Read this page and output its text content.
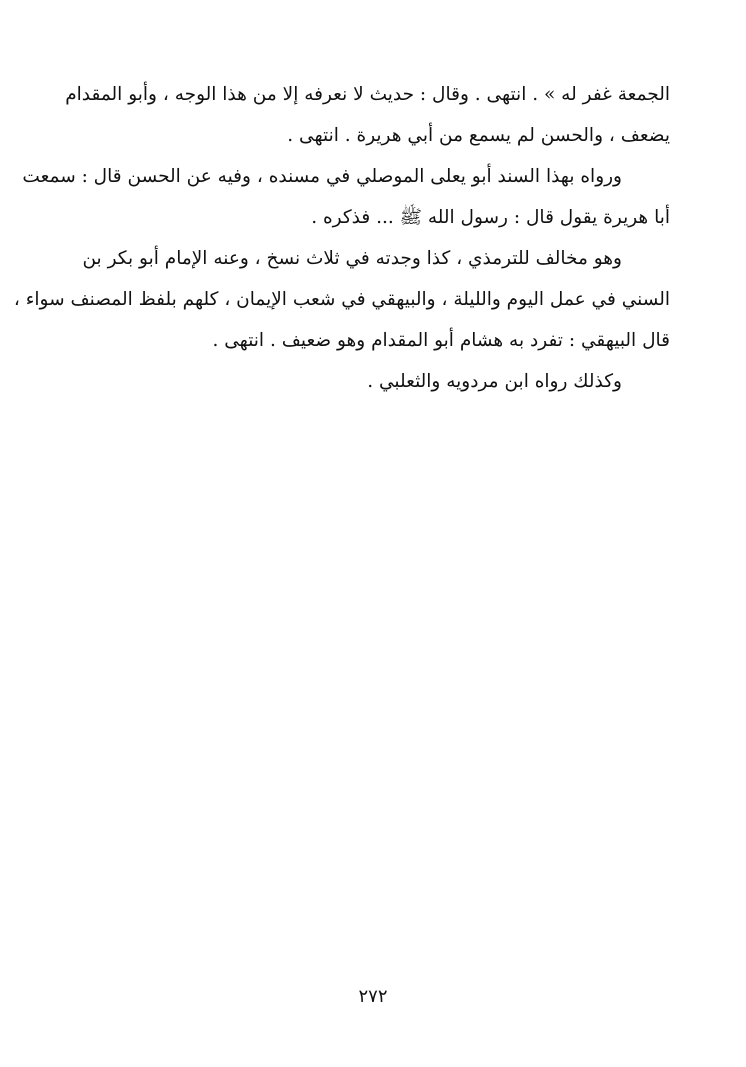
الجمعة غفر له » . انتهى . وقال : حديث لا نعرفه إلا من هذا الوجه ، وأبو المقدام
يضعف ، والحسن لم يسمع من أبي هريرة . انتهى .

ورواه بهذا السند أبو يعلى الموصلي في مسنده ، وفيه عن الحسن قال : سمعت
أبا هريرة يقول قال : رسول الله ﷺ ... فذكره .

وهو مخالف للترمذي ، كذا وجدته في ثلاث نسخ ، وعنه الإمام أبو بكر بن
السني في عمل اليوم والليلة ، والبيهقي في شعب الإيمان ، كلهم بلفظ المصنف سواء ،
قال البيهقي : تفرد به هشام أبو المقدام وهو ضعيف . انتهى .

وكذلك رواه ابن مردويه والثعلبي .

٢٧٢
